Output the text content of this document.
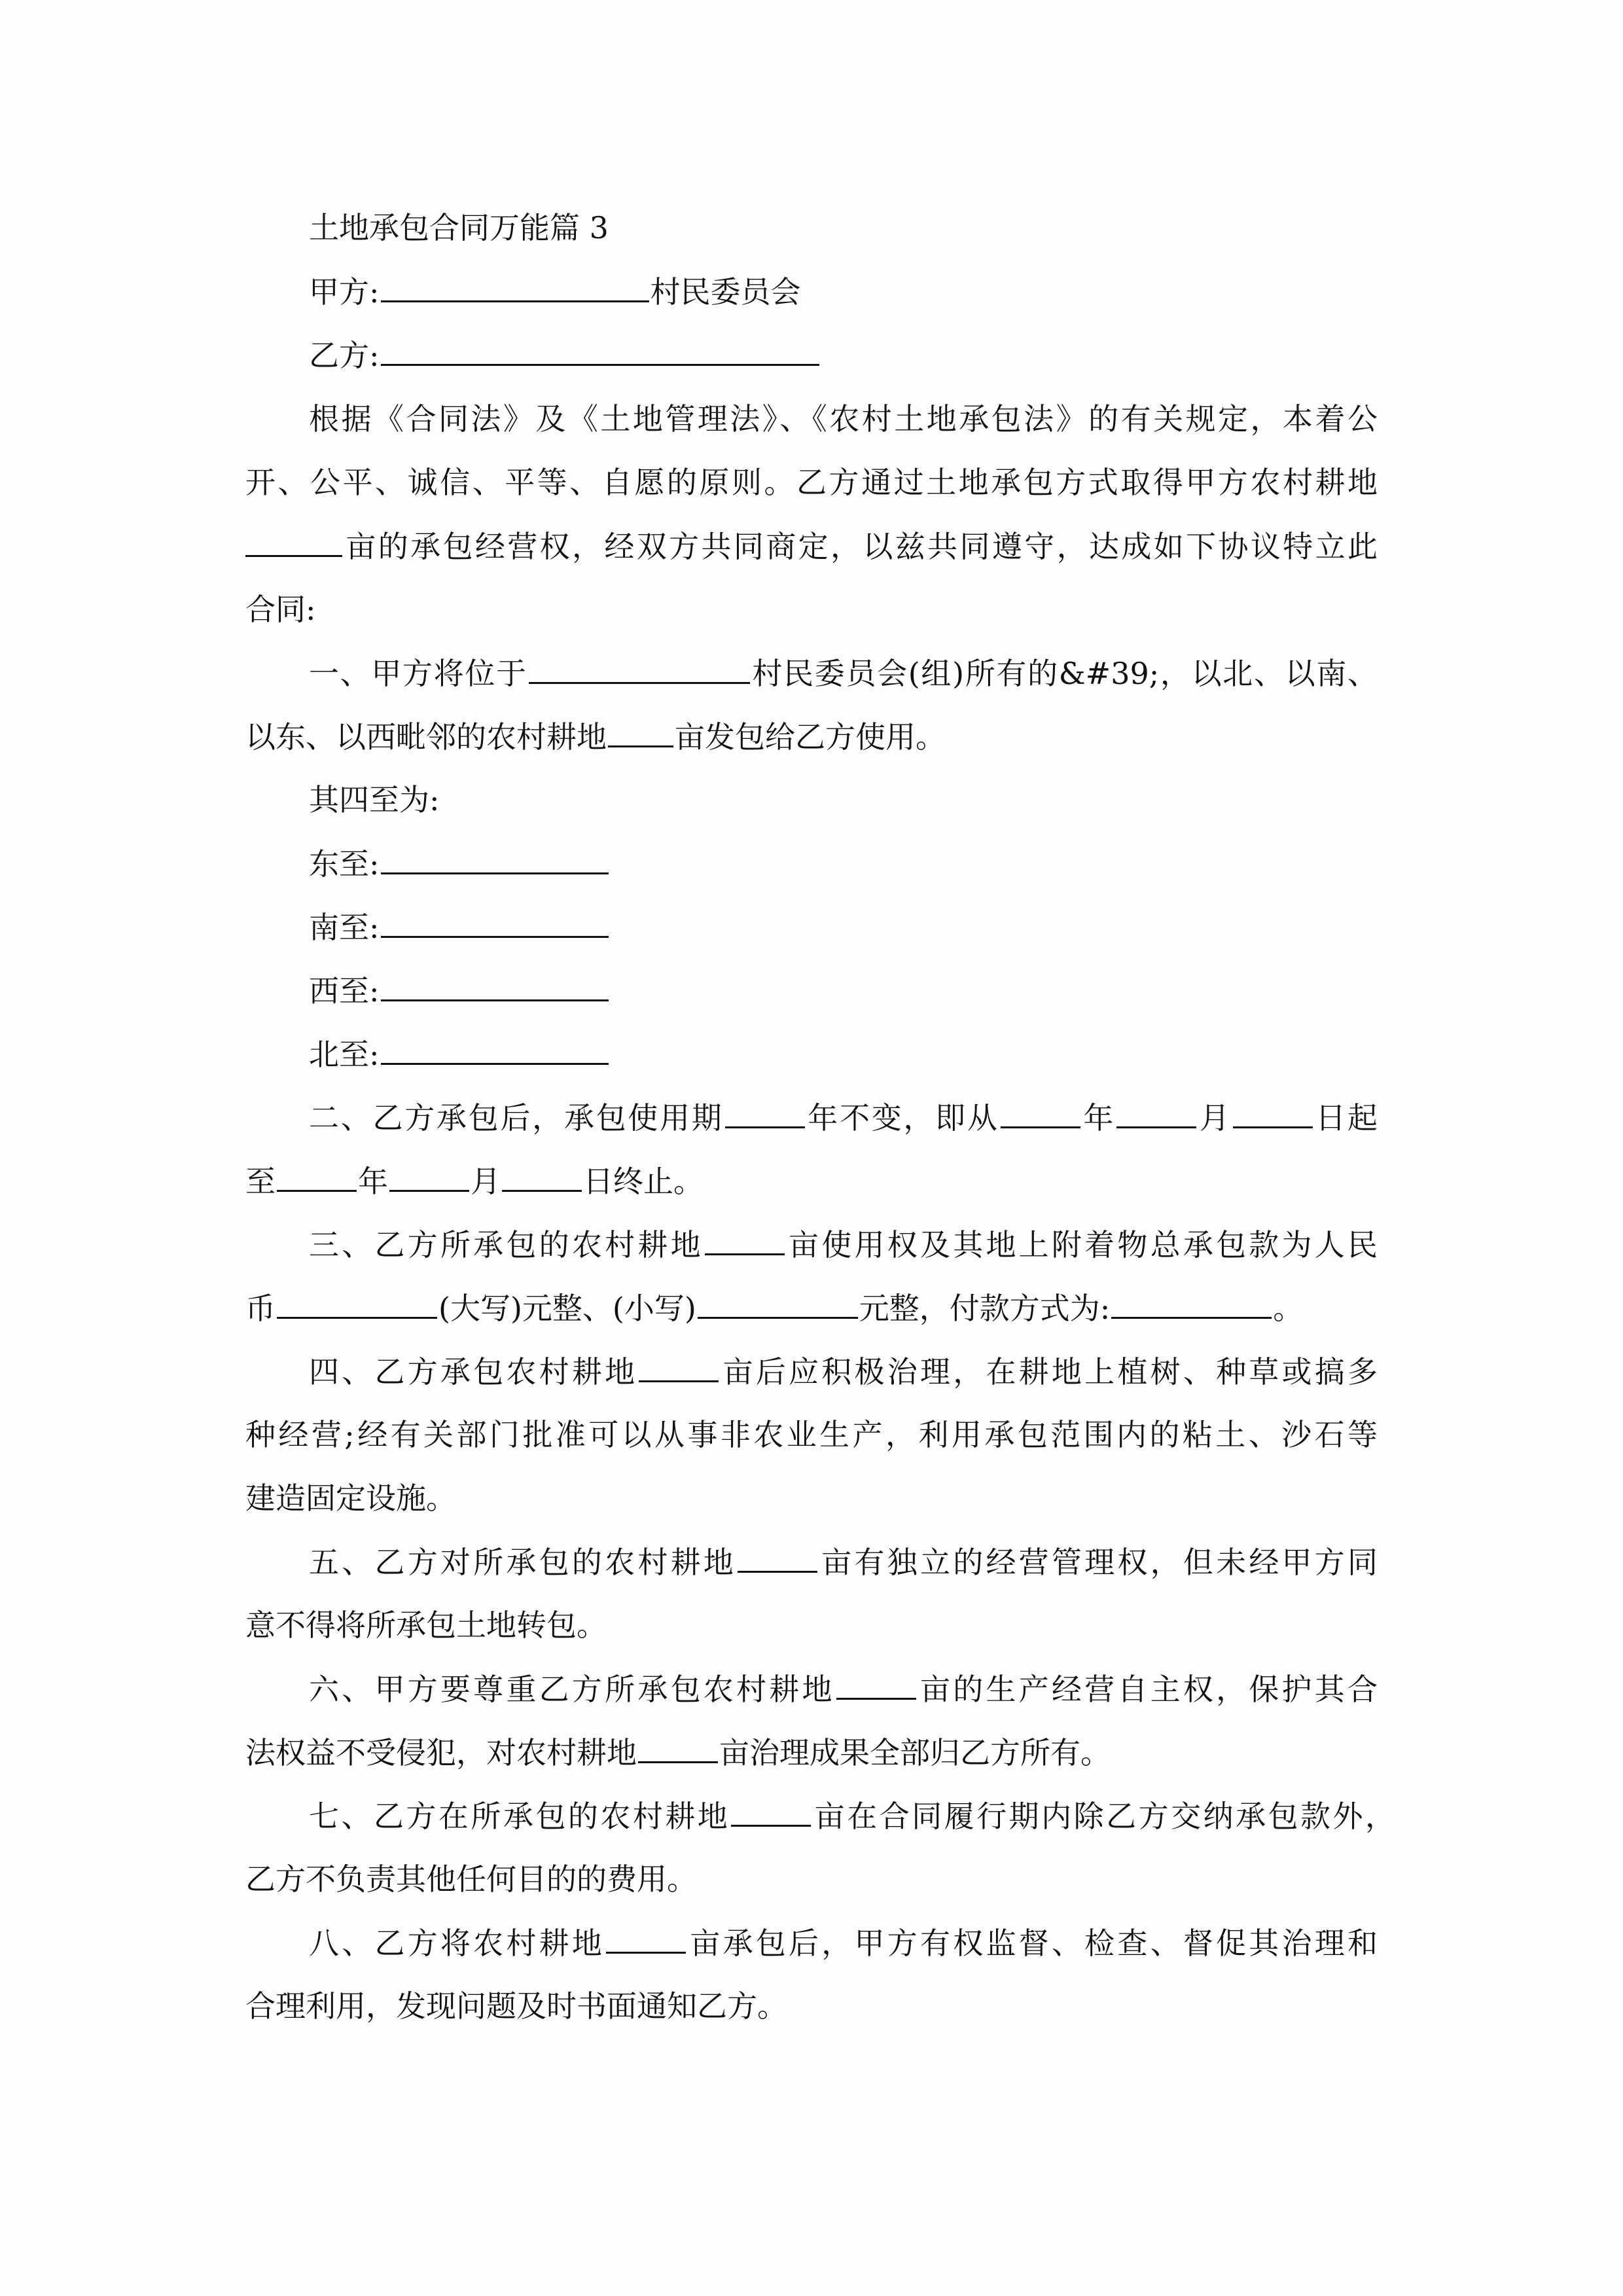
土地承包合同万能篇 3
甲方:	村民委员会
乙方:
根据《合同法》及《土地管理法》、《农村土地承包法》的有关规定，本着公
开、公平、诚信、平等、自愿的原则。乙方通过土地承包方式取得甲方农村耕地
亩的承包经营权，经双方共同商定，以兹共同遵守，达成如下协议特立此
合同:
一、甲方将位于	村民委员会(组)所有的&#39;，以北、以南、
以东、以西毗邻的农村耕地 亩发包给乙方使用。
其四至为:
东至:
南至:
西至:
北至:
二、乙方承包后，承包使用期	年不变，即从	年	月	日起
至	年	月	日终止。
三、乙方所承包的农村耕地	亩使用权及其地上附着物总承包款为人民
币	(大写)元整、(小写)	元整，付款方式为:	。
四、乙方承包农村耕地	亩后应积极治理，在耕地上植树、种草或搞多
种经营;经有关部门批准可以从事非农业生产，利用承包范围内的粘土、沙石等
建造固定设施。
五、乙方对所承包的农村耕地	亩有独立的经营管理权，但未经甲方同
意不得将所承包土地转包。
六、甲方要尊重乙方所承包农村耕地	亩的生产经营自主权，保护其合
法权益不受侵犯，对农村耕地	亩治理成果全部归乙方所有。
七、乙方在所承包的农村耕地	亩在合同履行期内除乙方交纳承包款外，
乙方不负责其他任何目的的费用。
八、乙方将农村耕地	亩承包后，甲方有权监督、检查、督促其治理和
合理利用，发现问题及时书面通知乙方。
